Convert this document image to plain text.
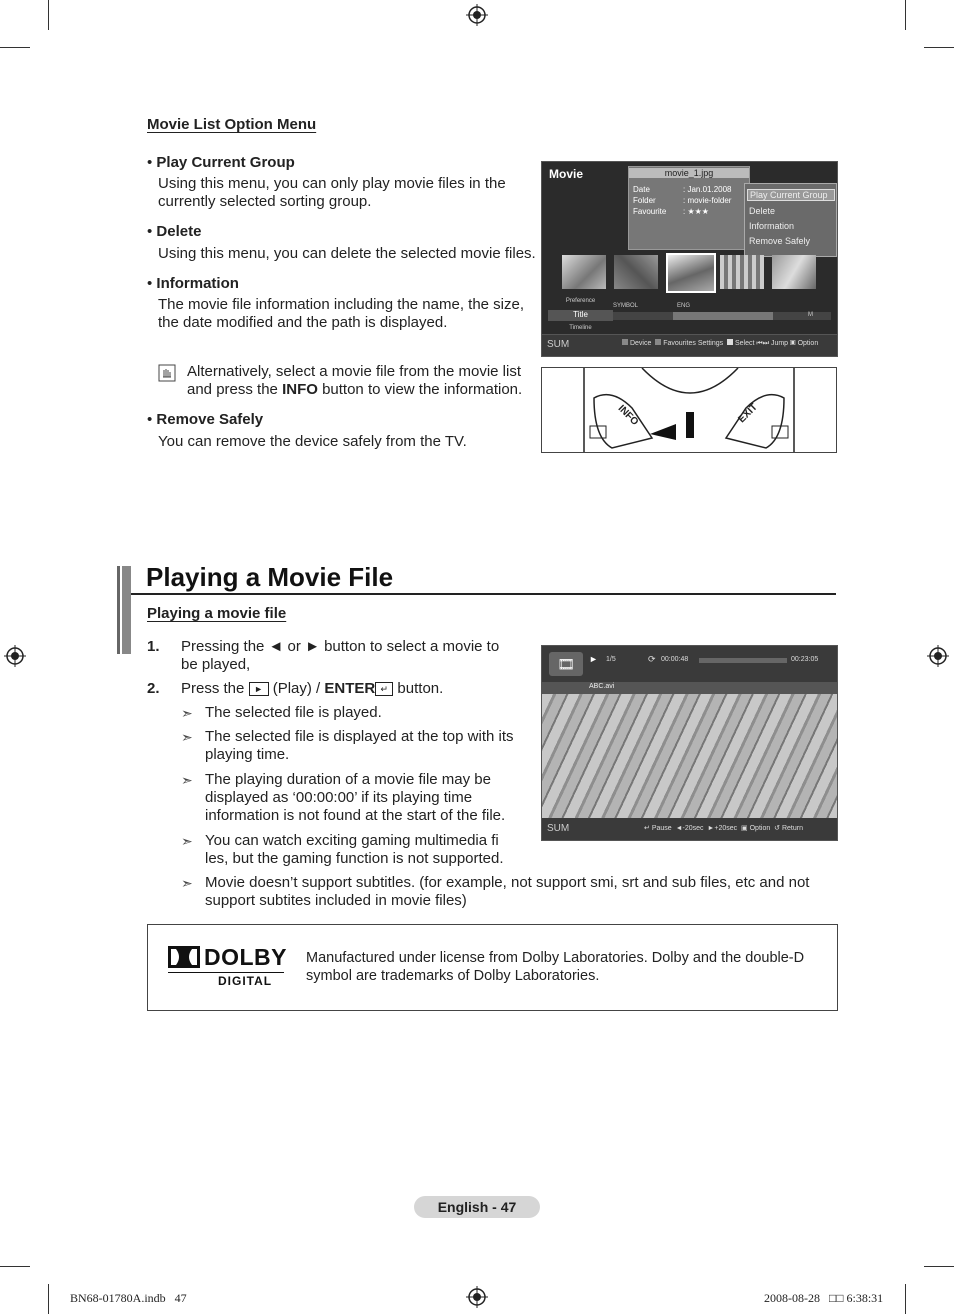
Movie List Option Menu
• Play Current Group
Using this menu, you can only play movie files in the currently selected sorting group.
• Delete
Using this menu, you can delete the selected movie files.
• Information
The movie file information including the name, the size, the date modified and the path is displayed.
Alternatively, select a movie file from the movie list and press the INFO button to view the information.
• Remove Safely
You can remove the device safely from the TV.
Movie	movie_1.jpg
Date	: Jan.01.2008
Folder	: movie-folder
Favourite : ★★★
Play Current Group
Delete
Information
Remove Safely
Preference
Title
Timeline
SYMBOL	ENG
M
SUM	Device Favourites Settings Select ⏮⏭ Jump ▣ Option
INFO	EXIT
Playing a Movie File
Playing a movie file
1. Pressing the ◄ or ► button to select a movie to be played,
2. Press the ► (Play) / ENTER ↵ button.
➣ The selected file is played.
➣ The selected file is displayed at the top with its playing time.
➣ The playing duration of a movie file may be displayed as ‘00:00:00’ if its playing time information is not found at the start of the file.
➣ You can watch exciting gaming multimedia fi les, but the gaming function is not supported.
➣ Movie doesn’t support subtitles. (for example, not support smi, srt and sub files, etc and not support subtites included in movie files)
🎞	► 1/5	⟳ 00:00:48	00:23:05
ABC.avi
SUM	↵ Pause ◄-20sec ►+20sec ▣ Option ↺ Return
DOLBY
DIGITAL
Manufactured under license from Dolby Laboratories. Dolby and the double-D symbol are trademarks of Dolby Laboratories.
English - 47
BN68-01780A.indb   47	2008-08-28   □□ 6:38:31
